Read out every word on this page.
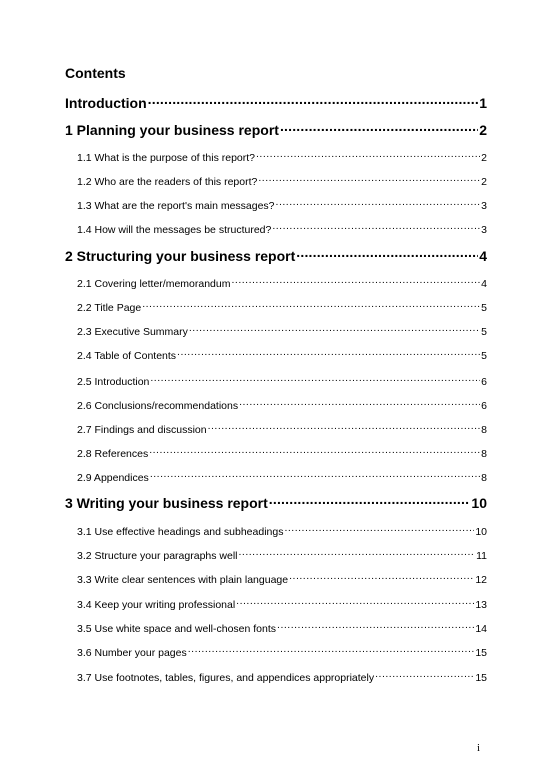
Contents
Introduction .....	1
1 Planning your business report .....	2
1.1 What is the purpose of this report? .....	2
1.2 Who are the readers of this report? .....	2
1.3 What are the report's main messages? .....	3
1.4 How will the messages be structured? .....	3
2 Structuring your business report .....	4
2.1 Covering letter/memorandum .....	4
2.2 Title Page .....	5
2.3 Executive Summary .....	5
2.4 Table of Contents .....	5
2.5 Introduction .....	6
2.6 Conclusions/recommendations .....	6
2.7 Findings and discussion .....	8
2.8 References .....	8
2.9 Appendices .....	8
3 Writing your business report .....	10
3.1 Use effective headings and subheadings .....	10
3.2 Structure your paragraphs well .....	11
3.3 Write clear sentences with plain language .....	12
3.4 Keep your writing professional .....	13
3.5 Use white space and well-chosen fonts .....	14
3.6 Number your pages .....	15
3.7 Use footnotes, tables, figures, and appendices appropriately .....	15
i
